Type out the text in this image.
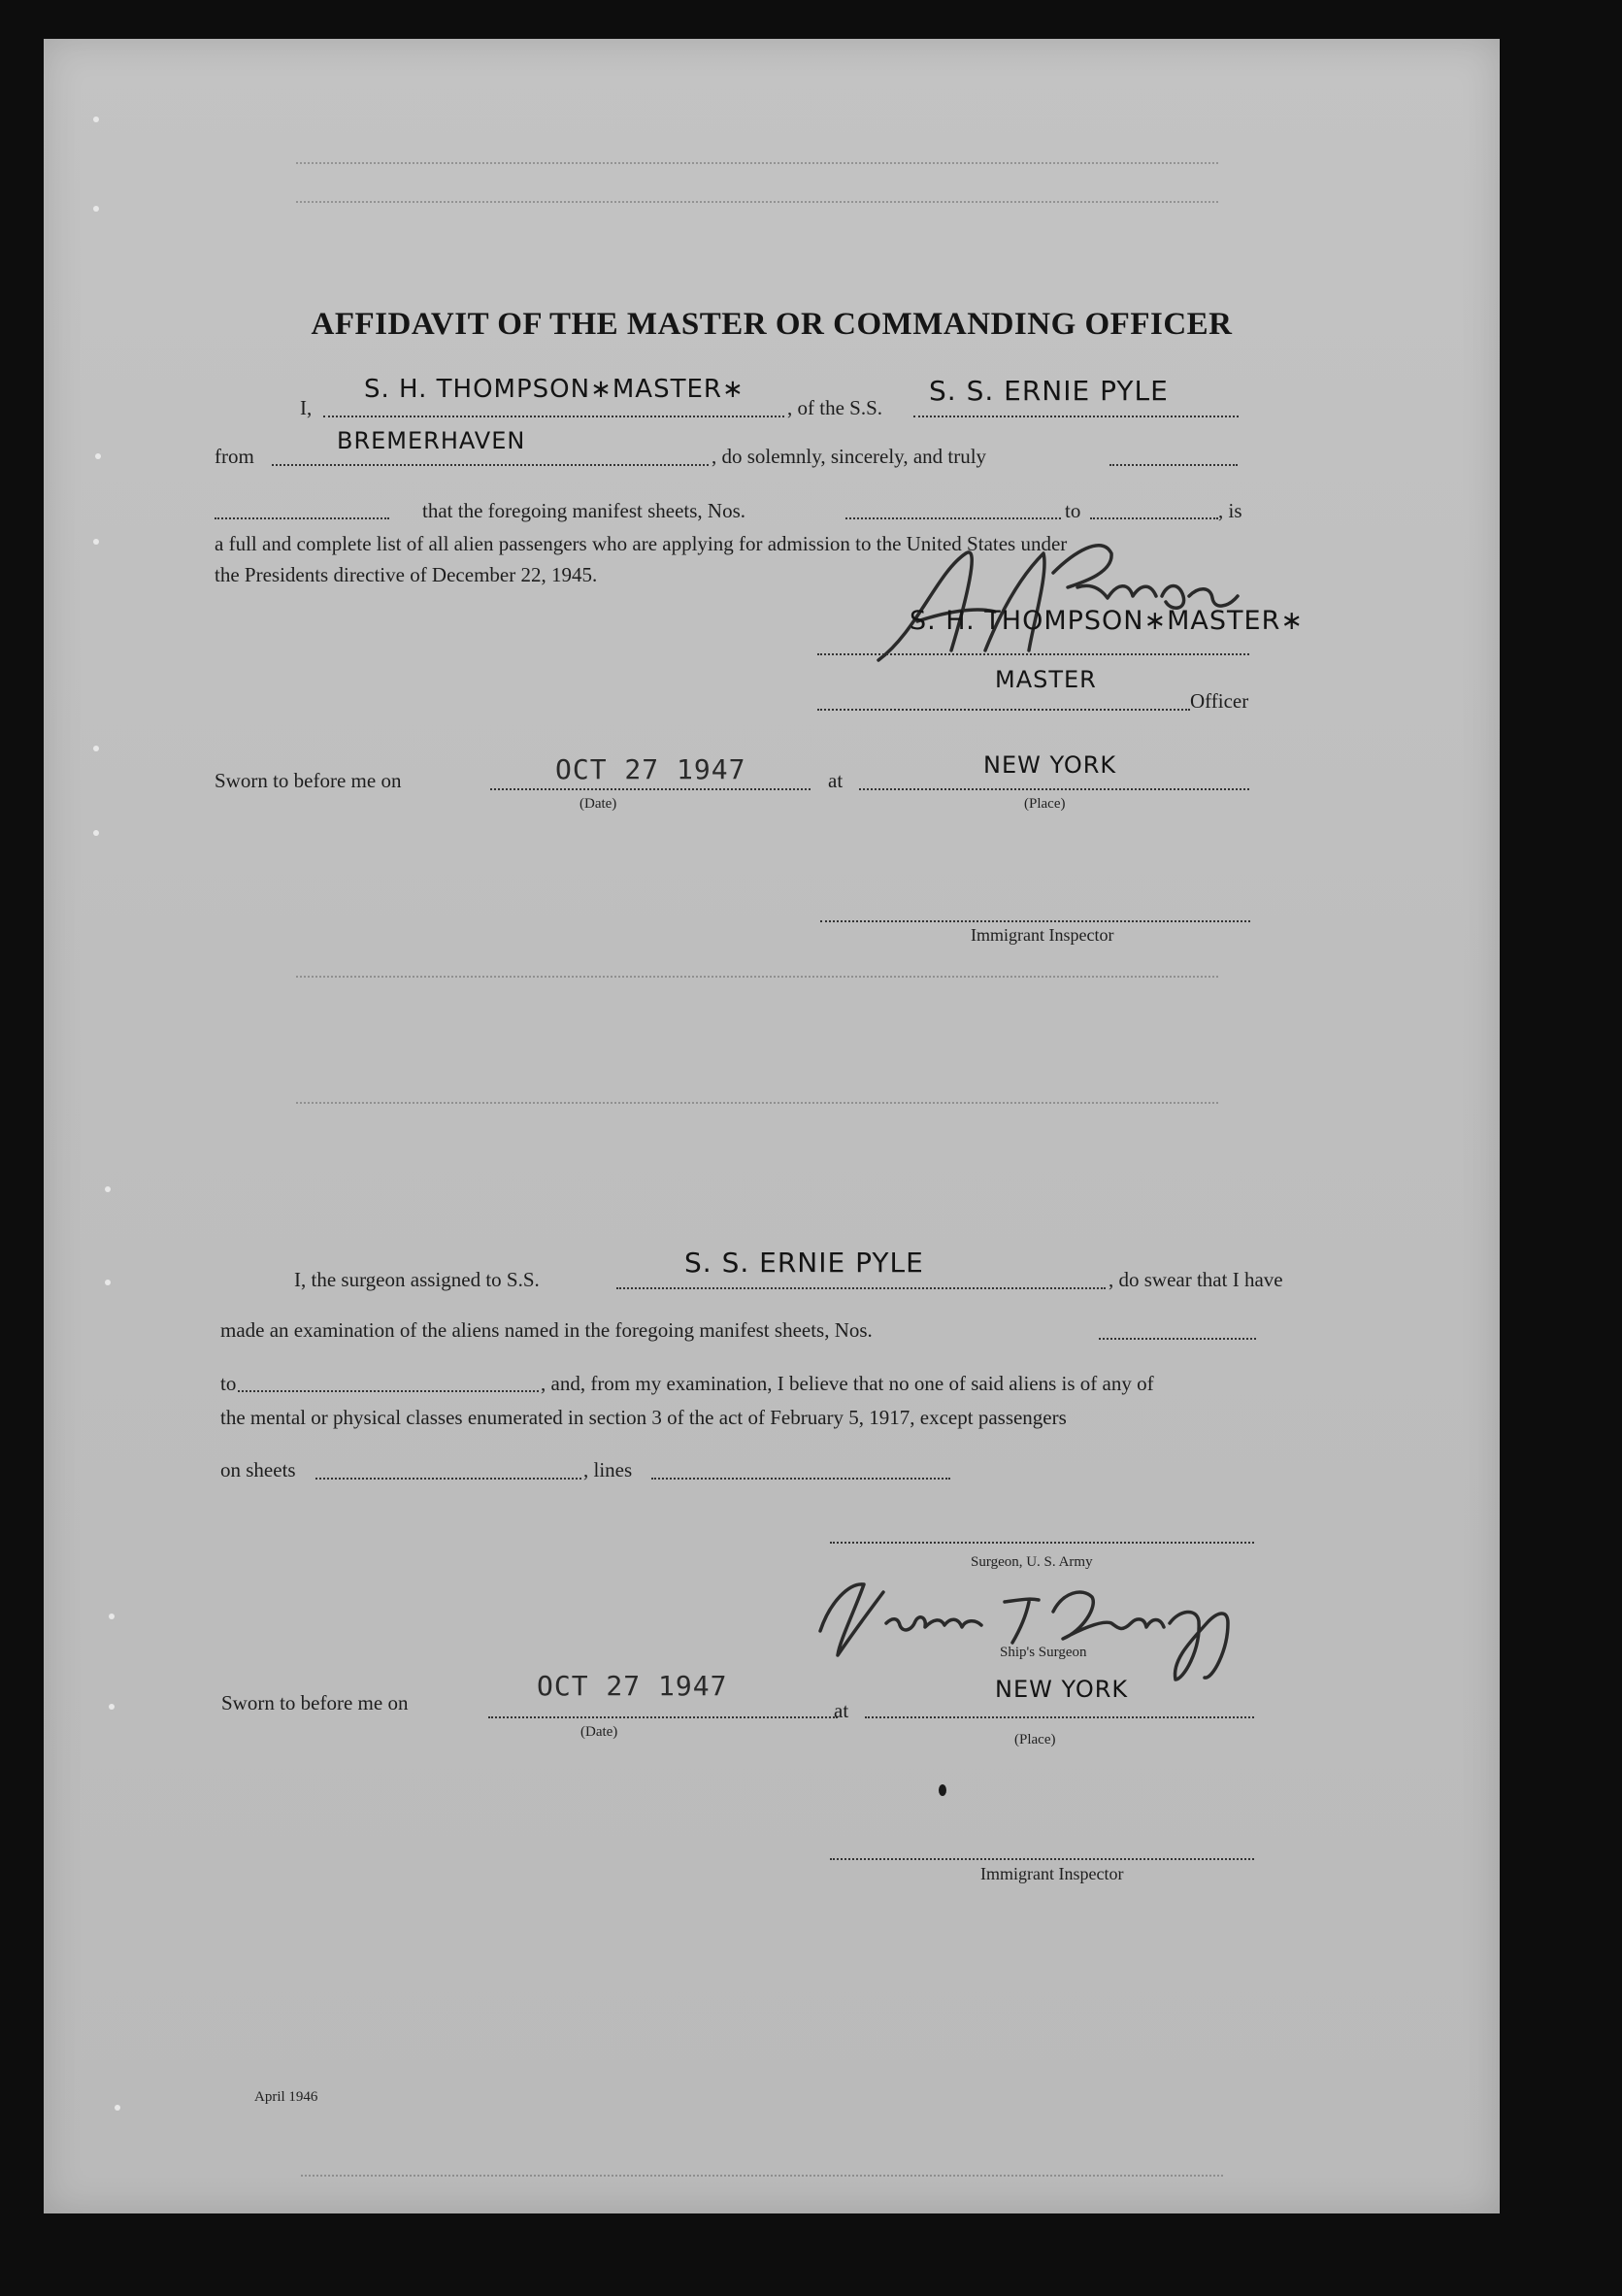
AFFIDAVIT OF THE MASTER OR COMMANDING OFFICER
I,
S. H. THOMPSON∗MASTER∗
, of the S.S.
S. S. ERNIE PYLE
from
BREMERHAVEN
, do solemnly, sincerely, and truly
that the foregoing manifest sheets, Nos.	to	, is
a full and complete list of all alien passengers who are applying for admission to the United States under
the Presidents directive of December 22, 1945.
S. H. THOMPSON∗MASTER∗
MASTER
Officer
Sworn to before me on	OCT 27 1947	at
NEW YORK
(Date)	(Place)
Immigrant Inspector
I, the surgeon assigned to S.S.
S. S. ERNIE PYLE
, do swear that I have
made an examination of the aliens named in the foregoing manifest sheets, Nos.
to	, and, from my examination, I believe that no one of said aliens is of any of
the mental or physical classes enumerated in section 3 of the act of February 5, 1917, except passengers
on sheets	, lines
Surgeon, U. S. Army
Ship's Surgeon
Sworn to before me on
OCT 27 1947
at
NEW YORK
(Date)	(Place)
Immigrant Inspector
April 1946
